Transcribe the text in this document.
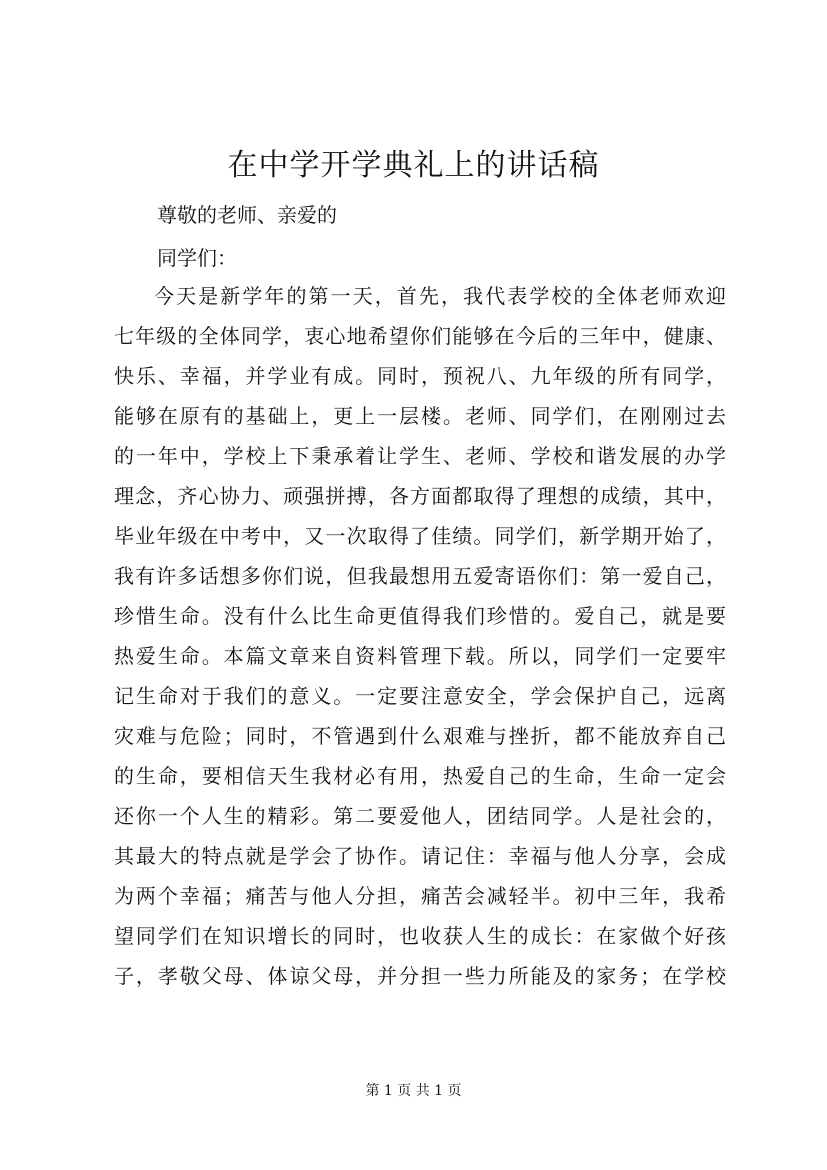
在中学开学典礼上的讲话稿

尊敬的老师、亲爱的

同学们：

今天是新学年的第一天，首先，我代表学校的全体老师欢迎
七年级的全体同学，衷心地希望你们能够在今后的三年中，健康、
快乐、幸福，并学业有成。同时，预祝八、九年级的所有同学，
能够在原有的基础上，更上一层楼。老师、同学们，在刚刚过去
的一年中，学校上下秉承着让学生、老师、学校和谐发展的办学
理念，齐心协力、顽强拼搏，各方面都取得了理想的成绩，其中，
毕业年级在中考中，又一次取得了佳绩。同学们，新学期开始了，
我有许多话想多你们说，但我最想用五爱寄语你们：第一爱自己，
珍惜生命。没有什么比生命更值得我们珍惜的。爱自己，就是要
热爱生命。本篇文章来自资料管理下载。所以，同学们一定要牢
记生命对于我们的意义。一定要注意安全，学会保护自己，远离
灾难与危险；同时，不管遇到什么艰难与挫折，都不能放弃自己
的生命，要相信天生我材必有用，热爱自己的生命，生命一定会
还你一个人生的精彩。第二要爱他人，团结同学。人是社会的，
其最大的特点就是学会了协作。请记住：幸福与他人分享，会成
为两个幸福；痛苦与他人分担，痛苦会减轻半。初中三年，我希
望同学们在知识增长的同时，也收获人生的成长：在家做个好孩
子，孝敬父母、体谅父母，并分担一些力所能及的家务；在学校

第 1 页 共 1 页
